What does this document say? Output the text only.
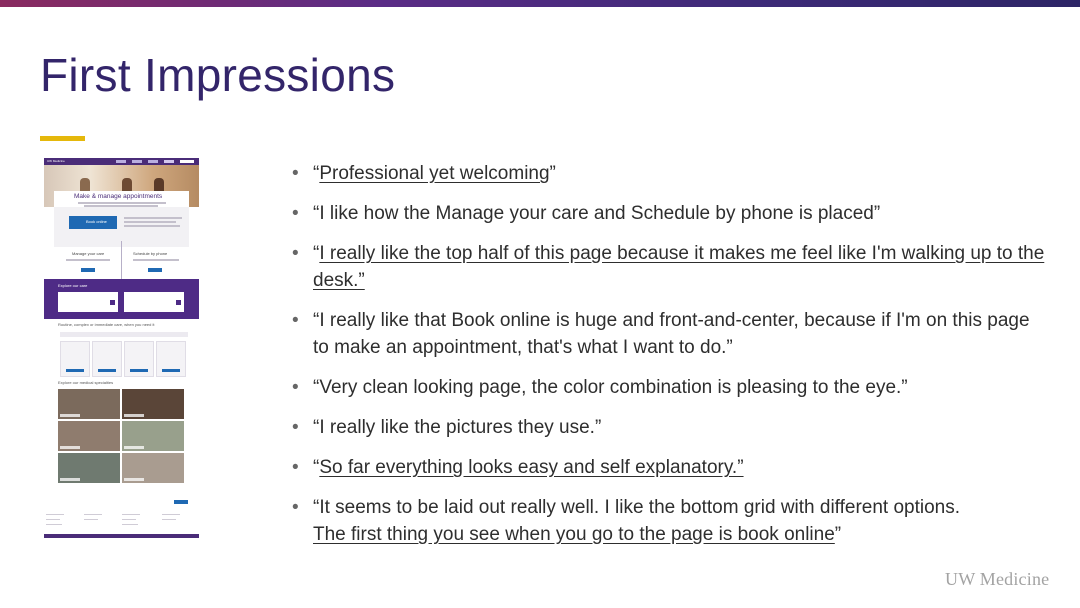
First Impressions
UW Medicine
Make & manage appointments
Book online
Manage your care	Schedule by phone
Explore our care
Routine, complex or immediate care, when you need it
Explore our medical specialties
• “Professional yet welcoming”
• “I like how the Manage your care and Schedule by phone is placed”
• “I really like the top half of this page because it makes me feel like I'm walking up to the desk.”
• “I really like that Book online is huge and front-and-center, because if I'm on this page to make an appointment, that's what I want to do.”
• “Very clean looking page, the color combination is pleasing to the eye.”
• “I really like the pictures they use.”
• “So far everything looks easy and self explanatory.”
• “It seems to be laid out really well. I like the bottom grid with different options.
The first thing you see when you go to the page is book online”
UW Medicine
